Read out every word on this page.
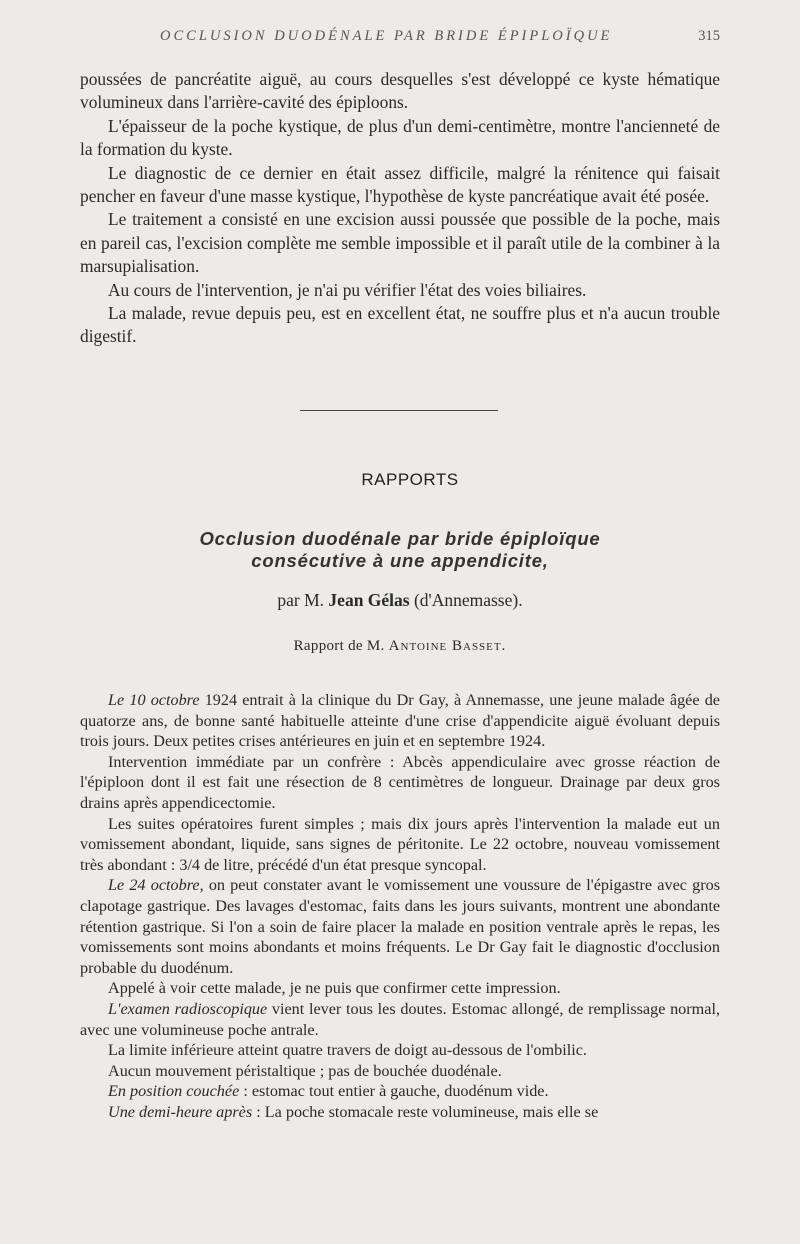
OCCLUSION DUODÉNALE PAR BRIDE ÉPIPLOÏQUE	315

poussées de pancréatite aiguë, au cours desquelles s'est développé ce kyste hématique volumineux dans l'arrière-cavité des épiploons.

L'épaisseur de la poche kystique, de plus d'un demi-centimètre, montre l'ancienneté de la formation du kyste.

Le diagnostic de ce dernier en était assez difficile, malgré la rénitence qui faisait pencher en faveur d'une masse kystique, l'hypothèse de kyste pancréatique avait été posée.

Le traitement a consisté en une excision aussi poussée que possible de la poche, mais en pareil cas, l'excision complète me semble impossible et il paraît utile de la combiner à la marsupialisation.

Au cours de l'intervention, je n'ai pu vérifier l'état des voies biliaires.

La malade, revue depuis peu, est en excellent état, ne souffre plus et n'a aucun trouble digestif.

RAPPORTS
Occlusion duodénale par bride épiploïque
consécutive à une appendicite,
par M. Jean Gélas (d'Annemasse).
Rapport de M. Antoine Basset.

Le 10 octobre 1924 entrait à la clinique du Dr Gay, à Annemasse, une jeune malade âgée de quatorze ans, de bonne santé habituelle atteinte d'une crise d'appendicite aiguë évoluant depuis trois jours. Deux petites crises antérieures en juin et en septembre 1924.

Intervention immédiate par un confrère : Abcès appendiculaire avec grosse réaction de l'épiploon dont il est fait une résection de 8 centimètres de longueur. Drainage par deux gros drains après appendicectomie.

Les suites opératoires furent simples ; mais dix jours après l'intervention la malade eut un vomissement abondant, liquide, sans signes de péritonite. Le 22 octobre, nouveau vomissement très abondant : 3/4 de litre, précédé d'un état presque syncopal.

Le 24 octobre, on peut constater avant le vomissement une voussure de l'épigastre avec gros clapotage gastrique. Des lavages d'estomac, faits dans les jours suivants, montrent une abondante rétention gastrique. Si l'on a soin de faire placer la malade en position ventrale après le repas, les vomissements sont moins abondants et moins fréquents. Le Dr Gay fait le diagnostic d'occlusion probable du duodénum.

Appelé à voir cette malade, je ne puis que confirmer cette impression.

L'examen radioscopique vient lever tous les doutes. Estomac allongé, de remplissage normal, avec une volumineuse poche antrale.

La limite inférieure atteint quatre travers de doigt au-dessous de l'ombilic.

Aucun mouvement péristaltique ; pas de bouchée duodénale.

En position couchée : estomac tout entier à gauche, duodénum vide.

Une demi-heure après : La poche stomacale reste volumineuse, mais elle se
